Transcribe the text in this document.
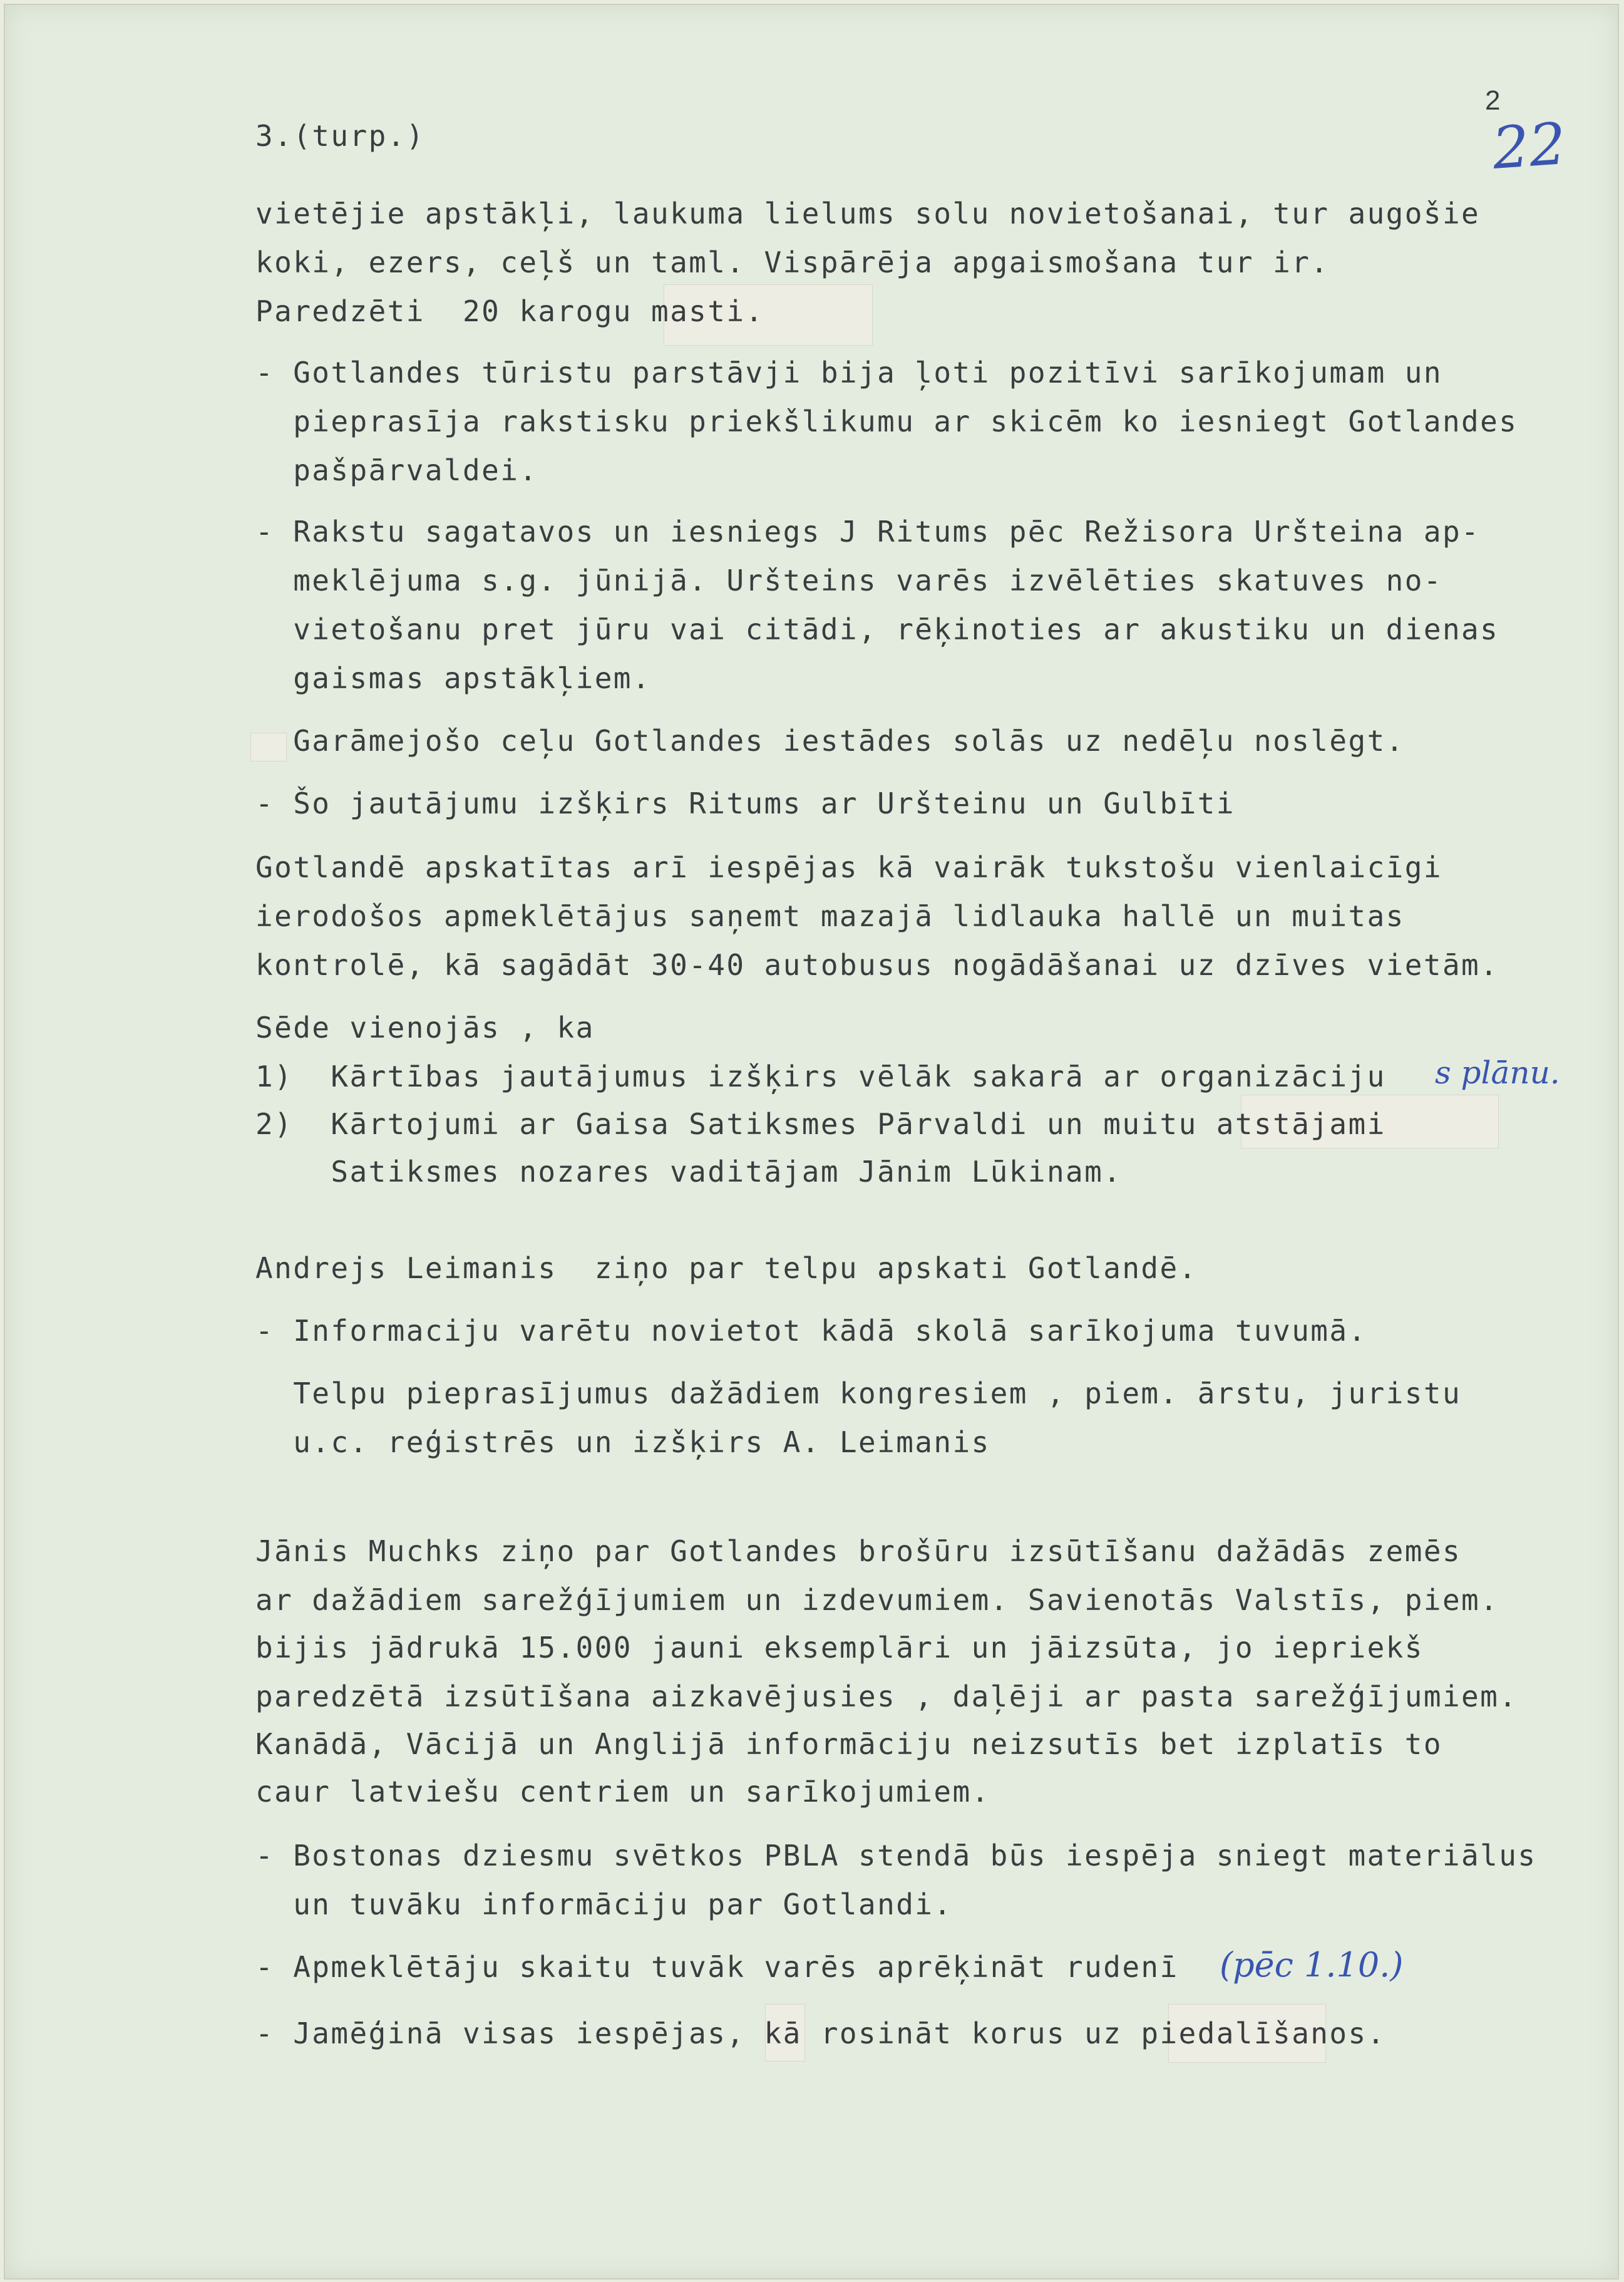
2
22
3.(turp.)
vietējie apstākļi, laukuma lielums solu novietošanai, tur augošie
koki, ezers, ceļš un taml. Vispārēja apgaismošana tur ir.
Paredzēti  20 karogu masti.
- Gotlandes tūristu parstāvji bija ļoti pozitīvi sarīkojumam un
pieprasīja rakstisku priekšlikumu ar skicēm ko iesniegt Gotlandes
pašpārvaldei.
- Rakstu sagatavos un iesniegs J Ritums pēc Režisora Uršteina ap-
meklējuma s.g. jūnijā. Uršteins varēs izvēlēties skatuves no-
vietošanu pret jūru vai citādi, rēķinoties ar akustiku un dienas
gaismas apstākļiem.
Garāmejošo ceļu Gotlandes iestādes solās uz nedēļu noslēgt.
- Šo jautājumu izšķirs Ritums ar Uršteinu un Gulbīti
Gotlandē apskatītas arī iespējas kā vairāk tukstošu vienlaicīgi
ierodošos apmeklētājus saņemt mazajā lidlauka hallē un muitas
kontrolē, kā sagādāt 30-40 autobusus nogādāšanai uz dzīves vietām.
Sēde vienojās , ka
1)  Kārtības jautājumus izšķirs vēlāk sakarā ar organizāciju s plānu.
2)  Kārtojumi ar Gaisa Satiksmes Pārvaldi un muitu atstājami
Satiksmes nozares vaditājam Jānim Lūkinam.
Andrejs Leimanis  ziņo par telpu apskati Gotlandē.
- Informaciju varētu novietot kādā skolā sarīkojuma tuvumā.
Telpu pieprasījumus dažādiem kongresiem , piem. ārstu, juristu
u.c. reģistrēs un izšķirs A. Leimanis
Jānis Muchks ziņo par Gotlandes brošūru izsūtīšanu dažādās zemēs
ar dažādiem sarežģījumiem un izdevumiem. Savienotās Valstīs, piem.
bijis jādrukā 15.000 jauni eksemplāri un jāizsūta, jo iepriekš
paredzētā izsūtīšana aizkavējusies , daļēji ar pasta sarežģījumiem.
Kanādā, Vācijā un Anglijā informāciju neizsutīs bet izplatīs to
caur latviešu centriem un sarīkojumiem.
- Bostonas dziesmu svētkos PBLA stendā būs iespēja sniegt materiālus
un tuvāku informāciju par Gotlandi.
- Apmeklētāju skaitu tuvāk varēs aprēķināt rudenī (pēc 1.10.)
- Jamēģinā visas iespējas, kā rosināt korus uz piedalīšanos.
